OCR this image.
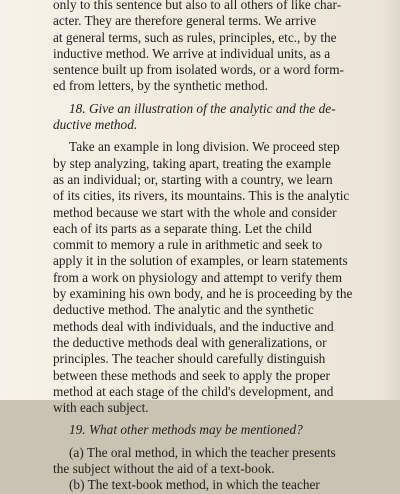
only to this sentence but also to all others of like char-
acter. They are therefore general terms. We arrive
at general terms, such as rules, principles, etc., by the
inductive method. We arrive at individual units, as a
sentence built up from isolated words, or a word form-
ed from letters, by the synthetic method.
18. Give an illustration of the analytic and the de-
ductive method.
Take an example in long division. We proceed step
by step analyzing, taking apart, treating the example
as an individual; or, starting with a country, we learn
of its cities, its rivers, its mountains. This is the analytic
method because we start with the whole and consider
each of its parts as a separate thing. Let the child
commit to memory a rule in arithmetic and seek to
apply it in the solution of examples, or learn statements
from a work on physiology and attempt to verify them
by examining his own body, and he is proceeding by the
deductive method. The analytic and the synthetic
methods deal with individuals, and the inductive and
the deductive methods deal with generalizations, or
principles. The teacher should carefully distinguish
between these methods and seek to apply the proper
method at each stage of the child's development, and
with each subject.
19. What other methods may be mentioned?
(a) The oral method, in which the teacher presents
the subject without the aid of a text-book.
(b) The text-book method, in which the teacher
